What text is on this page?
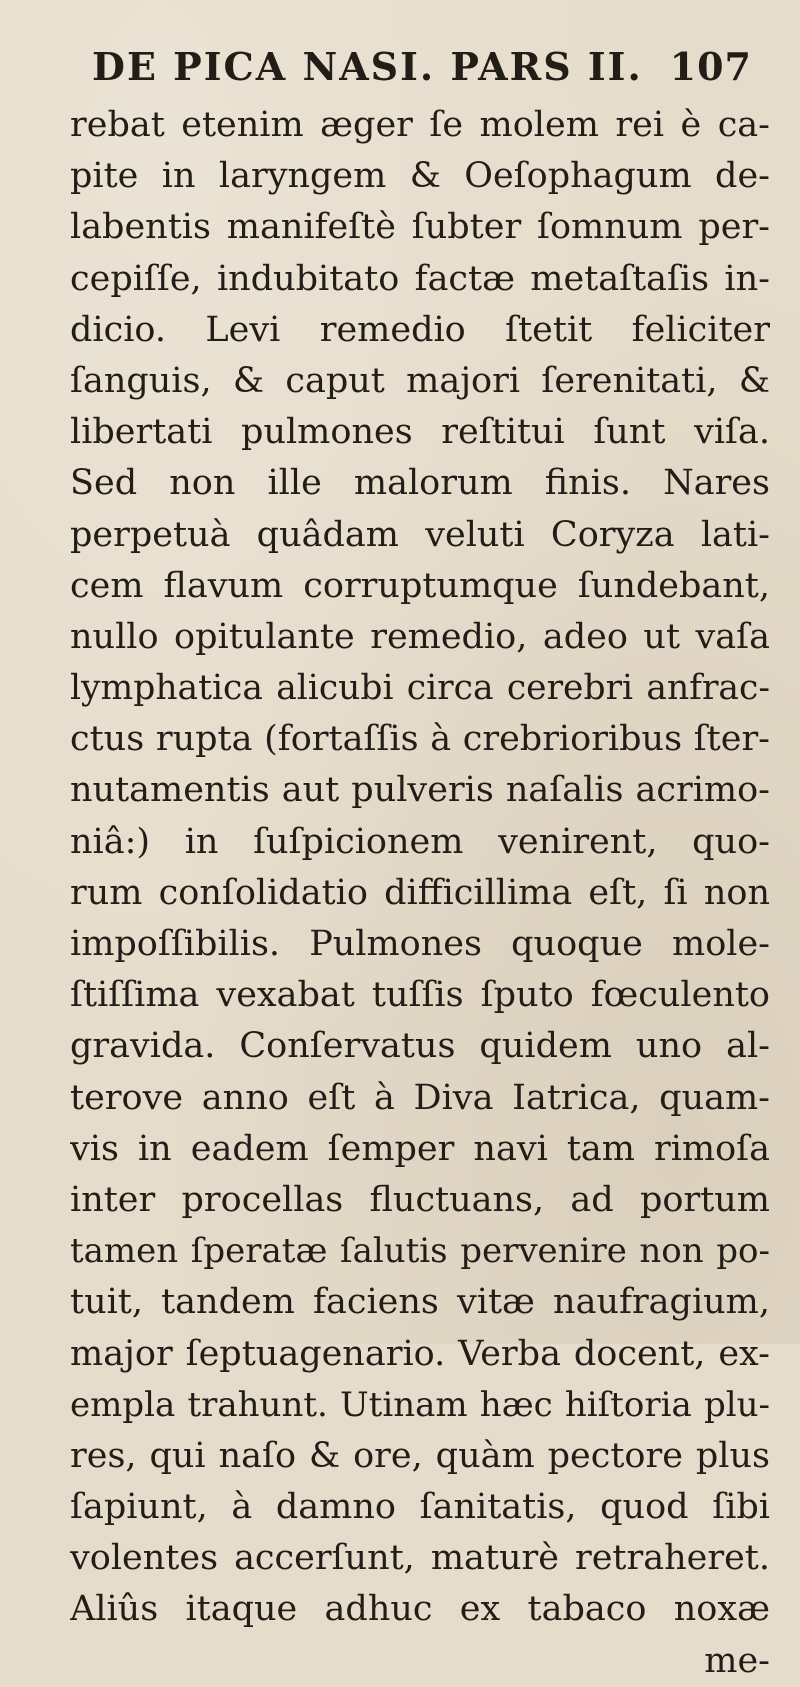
DE PICA NASI. PARS II. 107
rebat etenim æger ſe molem rei è ca-
pite in laryngem & Oeſophagum de-
labentis manifeſtè ſubter ſomnum per-
cepiſſe, indubitato factæ metaſtaſis in-
dicio. Levi remedio ſtetit feliciter
ſanguis, & caput majori ſerenitati, &
libertati pulmones reſtitui ſunt viſa.
Sed non ille malorum finis. Nares
perpetuà quâdam veluti Coryza lati-
cem flavum corruptumque ſundebant,
nullo opitulante remedio, adeo ut vaſa
lymphatica alicubi circa cerebri anfrac-
ctus rupta (fortaſſis à crebrioribus ſter-
nutamentis aut pulveris naſalis acrimo-
niâ:) in ſuſpicionem venirent, quo-
rum conſolidatio difficillima eſt, ſi non
impoſſibilis. Pulmones quoque mole-
ſtiſſima vexabat tuſſis ſputo fœculento
gravida. Conſervatus quidem uno al-
terove anno eſt à Diva Iatrica, quam-
vis in eadem ſemper navi tam rimoſa
inter procellas fluctuans, ad portum
tamen ſperatæ ſalutis pervenire non po-
tuit, tandem faciens vitæ naufragium,
major ſeptuagenario. Verba docent, ex-
empla trahunt. Utinam hæc hiſtoria plu-
res, qui naſo & ore, quàm pectore plus
ſapiunt, à damno ſanitatis, quod ſibi
volentes accerſunt, maturè retraheret.
Aliûs itaque adhuc ex tabaco noxæ
me-
